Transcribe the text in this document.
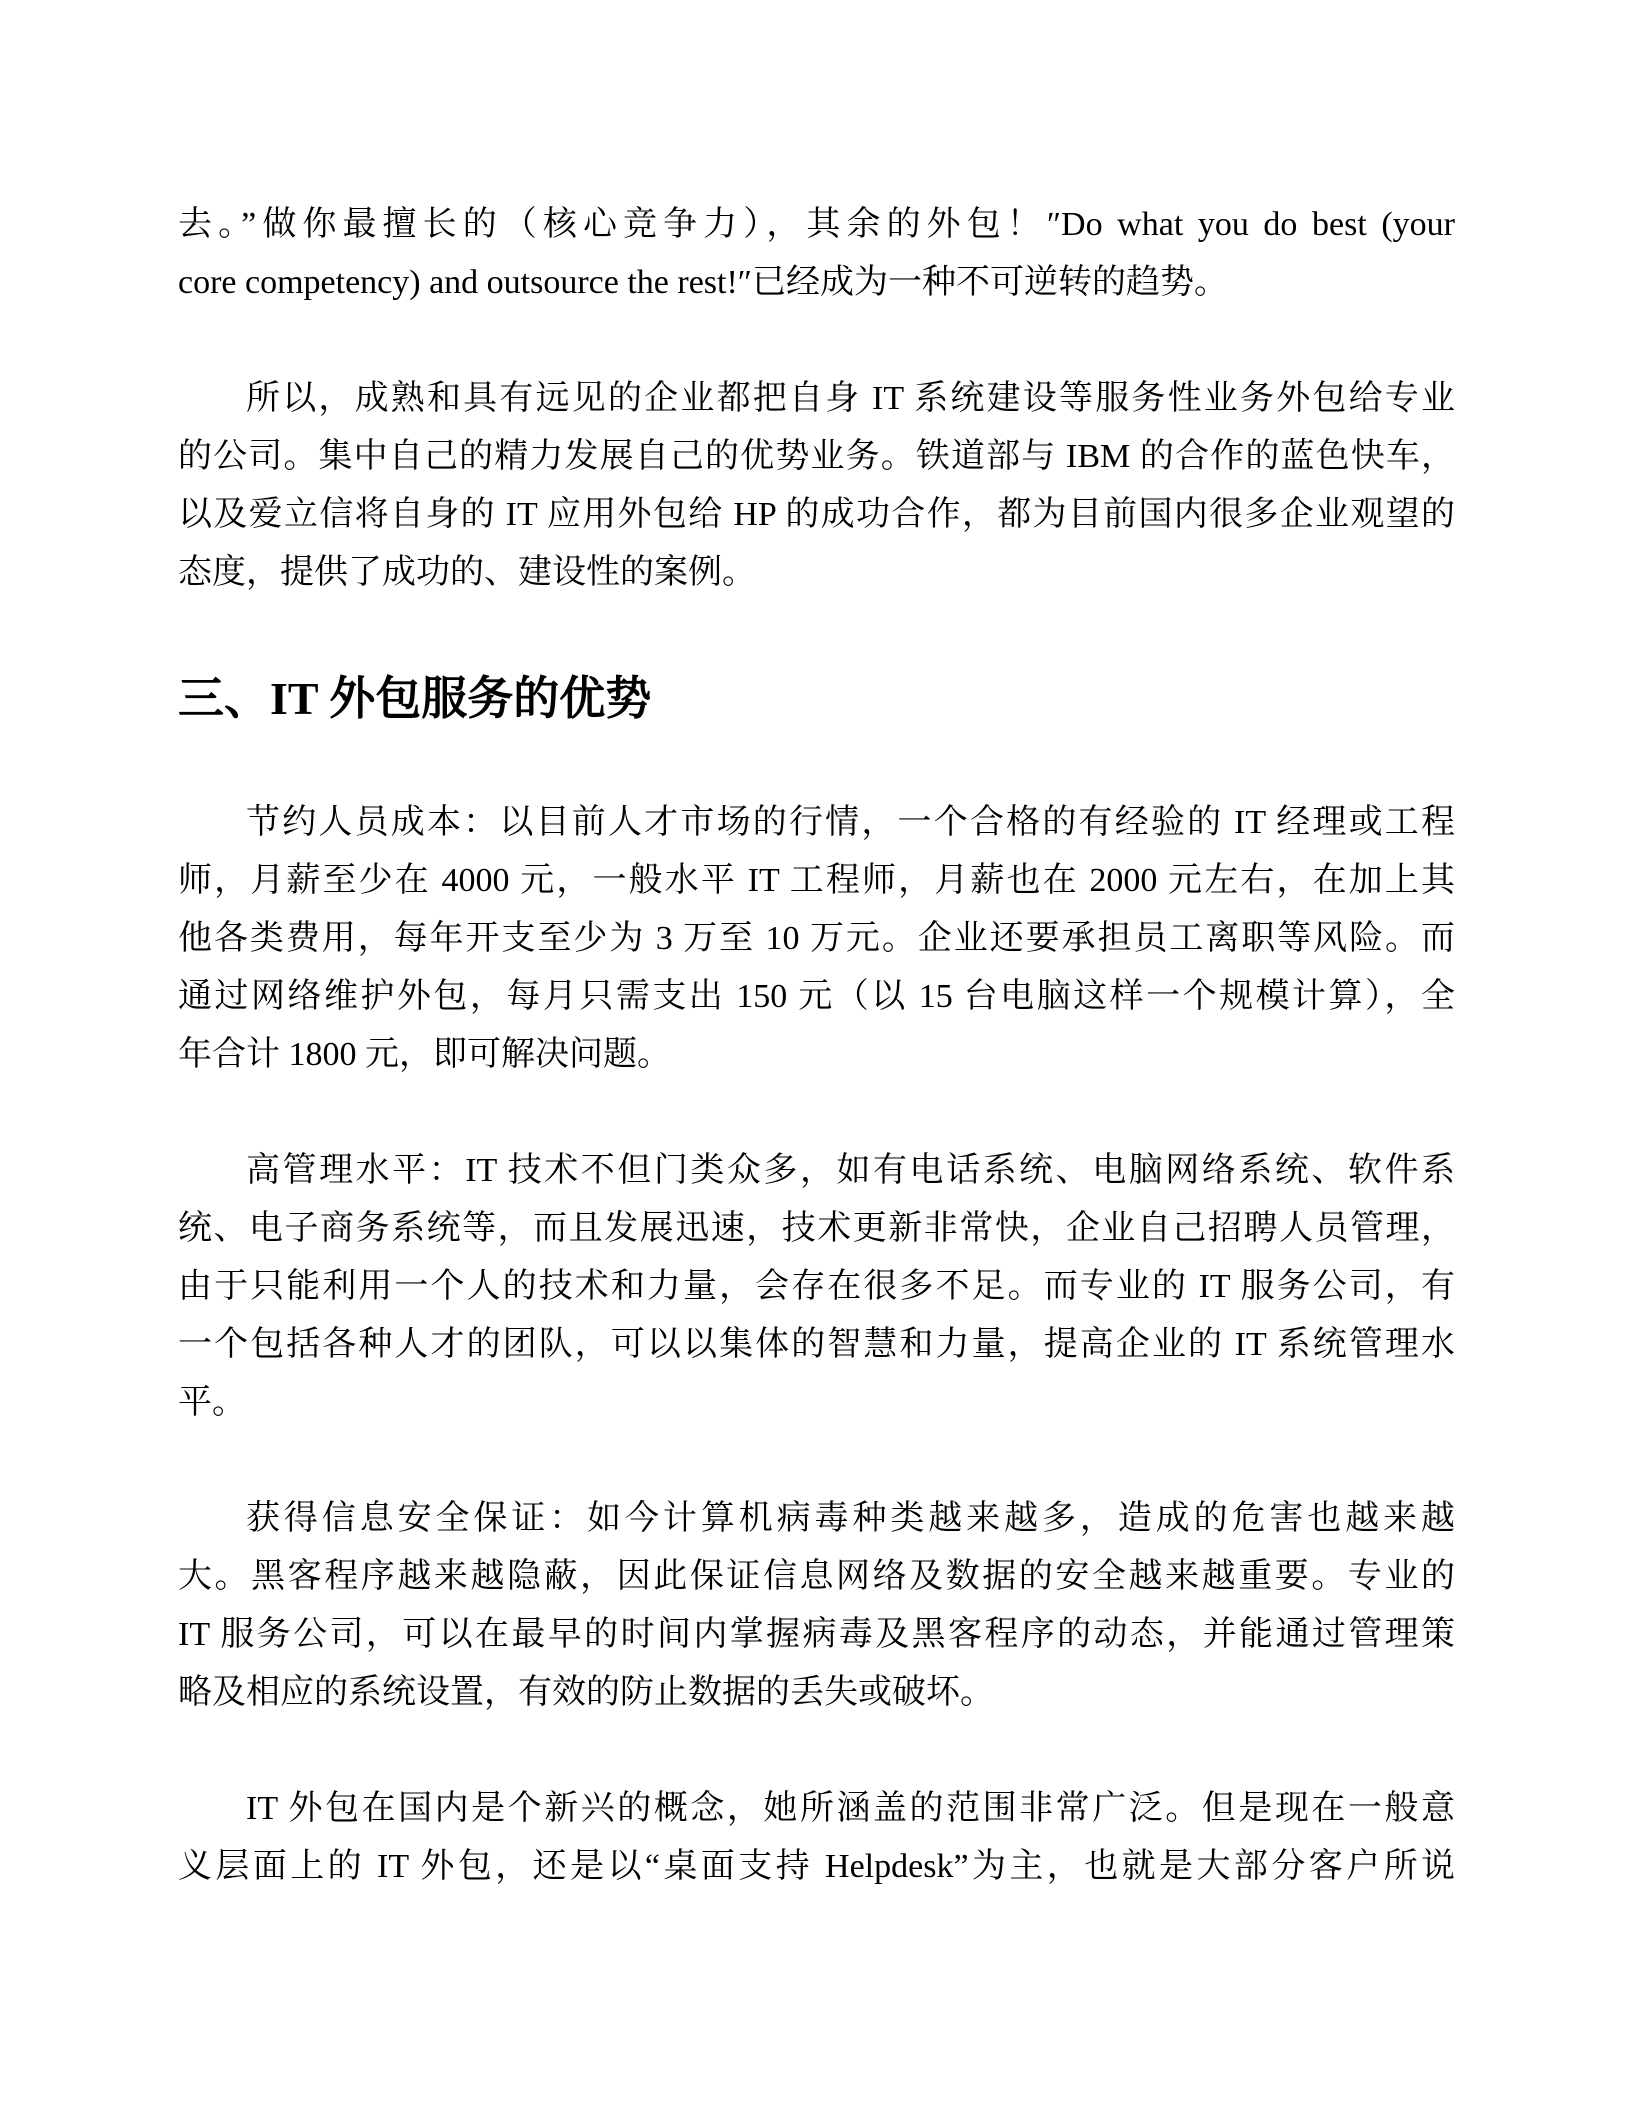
去。”做你最擅长的（核心竞争力），其余的外包！″Do what you do best (your
core competency) and outsource the rest!″已经成为一种不可逆转的趋势。
所以，成熟和具有远见的企业都把自身 IT 系统建设等服务性业务外包给专业
的公司。集中自己的精力发展自己的优势业务。铁道部与 IBM 的合作的蓝色快车，
以及爱立信将自身的 IT 应用外包给 HP 的成功合作，都为目前国内很多企业观望的
态度，提供了成功的、建设性的案例。
三、IT 外包服务的优势
节约人员成本：以目前人才市场的行情，一个合格的有经验的 IT 经理或工程
师，月薪至少在 4000 元，一般水平 IT 工程师，月薪也在 2000 元左右，在加上其
他各类费用，每年开支至少为 3 万至 10 万元。企业还要承担员工离职等风险。而
通过网络维护外包，每月只需支出 150 元（以 15 台电脑这样一个规模计算），全
年合计 1800 元，即可解决问题。
高管理水平：IT 技术不但门类众多，如有电话系统、电脑网络系统、软件系
统、电子商务系统等，而且发展迅速，技术更新非常快，企业自己招聘人员管理，
由于只能利用一个人的技术和力量，会存在很多不足。而专业的 IT 服务公司，有
一个包括各种人才的团队，可以以集体的智慧和力量，提高企业的 IT 系统管理水
平。
获得信息安全保证：如今计算机病毒种类越来越多，造成的危害也越来越
大。黑客程序越来越隐蔽，因此保证信息网络及数据的安全越来越重要。专业的
IT 服务公司，可以在最早的时间内掌握病毒及黑客程序的动态，并能通过管理策
略及相应的系统设置，有效的防止数据的丢失或破坏。
IT 外包在国内是个新兴的概念，她所涵盖的范围非常广泛。但是现在一般意
义层面上的 IT 外包，还是以“桌面支持 Helpdesk”为主，也就是大部分客户所说
